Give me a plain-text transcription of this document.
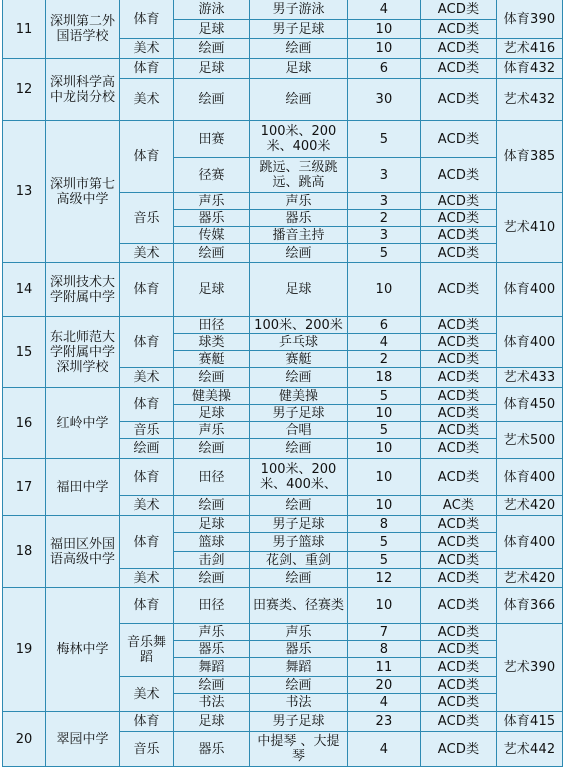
11	深圳第二外国语学校	体育	游泳	男子游泳	4	ACD类	体育390
			足球	男子足球	10	ACD类	
		美术	绘画	绘画	10	ACD类	艺术416
12	深圳科学高中龙岗分校	体育	足球	足球	6	ACD类	体育432
		美术	绘画	绘画	30	ACD类	艺术432
13	深圳市第七高级中学	体育	田赛	100米、200米、400米	5	ACD类	体育385
			径赛	跳远、三级跳远、跳高	3	ACD类	
		音乐	声乐	声乐	3	ACD类	艺术410
			器乐	器乐	2	ACD类	
			传媒	播音主持	3	ACD类	
		美术	绘画	绘画	5	ACD类	
14	深圳技术大学附属中学	体育	足球	足球	10	ACD类	体育400
15	东北师范大学附属中学深圳学校	体育	田径	100米、200米	6	ACD类	体育400
			球类	乒乓球	4	ACD类	
			赛艇	赛艇	2	ACD类	
		美术	绘画	绘画	18	ACD类	艺术433
16	红岭中学	体育	健美操	健美操	5	ACD类	体育450
			足球	男子足球	10	ACD类	
		音乐	声乐	合唱	5	ACD类	艺术500
		绘画	绘画	绘画	10	ACD类	
17	福田中学	体育	田径	100米、200米、400米、	10	ACD类	体育400
		美术	绘画	绘画	10	AC类	艺术420
18	福田区外国语高级中学	体育	足球	男子足球	8	ACD类	体育400
			篮球	男子篮球	5	ACD类	
			击剑	花剑、重剑	5	ACD类	
		美术	绘画	绘画	12	ACD类	艺术420
19	梅林中学	体育	田径	田赛类、径赛类	10	ACD类	体育366
		音乐舞蹈	声乐	声乐	7	ACD类	艺术390
			器乐	器乐	8	ACD类	
			舞蹈	舞蹈	11	ACD类	
		美术	绘画	绘画	20	ACD类	
			书法	书法	4	ACD类	
20	翠园中学	体育	足球	男子足球	23	ACD类	体育415
		音乐	器乐	中提琴 、大提琴	4	ACD类	艺术442
